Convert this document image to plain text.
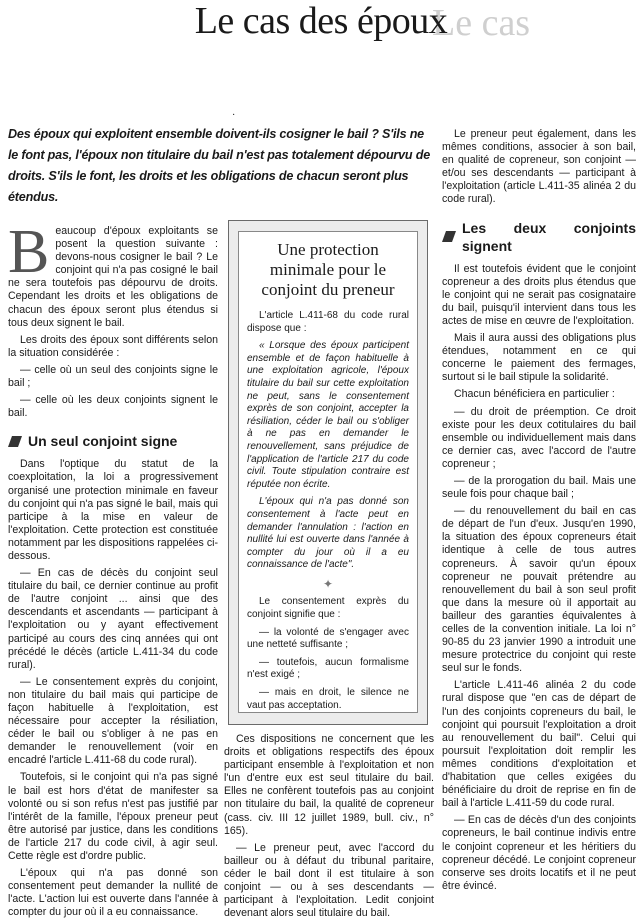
Le cas
Le cas des époux
·
Des époux qui exploitent ensemble doivent-ils cosigner le bail ? S'ils ne le font pas, l'époux non titulaire du bail n'est pas totalement dépourvu de droits. S'ils le font, les droits et les obligations de chacun seront plus étendus.

Beaucoup d'époux exploitants se posent la question suivante : devons-nous cosigner le bail ? Le conjoint qui n'a pas cosigné le bail ne sera toutefois pas dépourvu de droits. Cependant les droits et les obligations de chacun des époux seront plus étendus si tous deux signent le bail.

Les droits des époux sont différents selon la situation considérée :

— celle où un seul des conjoints signe le bail ;

— celle où les deux conjoints signent le bail.

Un seul conjoint signe

Dans l'optique du statut de la coexploitation, la loi a progressivement organisé une protection minimale en faveur du conjoint qui n'a pas signé le bail, mais qui participe à la mise en valeur de l'exploitation. Cette protection est constituée notamment par les dispositions rappelées ci-dessous.

— En cas de décès du conjoint seul titulaire du bail, ce dernier continue au profit de l'autre conjoint ... ainsi que des descendants et ascendants — participant à l'exploitation ou y ayant effectivement participé au cours des cinq années qui ont précédé le décès (article L.411-34 du code rural).

— Le consentement exprès du conjoint, non titulaire du bail mais qui participe de façon habituelle à l'exploitation, est nécessaire pour accepter la résiliation, céder le bail ou s'obliger à ne pas en demander le renouvellement (voir en encadré l'article L.411-68 du code rural).

Toutefois, si le conjoint qui n'a pas signé le bail est hors d'état de manifester sa volonté ou si son refus n'est pas justifié par l'intérêt de la famille, l'époux preneur peut être autorisé par justice, dans les conditions de l'article 217 du code civil, à agir seul. Cette règle est d'ordre public.

L'époux qui n'a pas donné son consentement peut demander la nullité de l'acte. L'action lui est ouverte dans l'année à compter du jour où il a eu connaissance.

Une protection minimale pour le conjoint du preneur

L'article L.411-68 du code rural dispose que :

« Lorsque des époux participent ensemble et de façon habituelle à une exploitation agricole, l'époux titulaire du bail sur cette exploitation ne peut, sans le consentement exprès de son conjoint, accepter la résiliation, céder le bail ou s'obliger à ne pas en demander le renouvellement, sans préjudice de l'application de l'article 217 du code civil. Toute stipulation contraire est réputée non écrite.

L'époux qui n'a pas donné son consentement à l'acte peut en demander l'annulation : l'action en nullité lui est ouverte dans l'année à compter du jour où il a eu connaissance de l'acte".

✦

Le consentement exprès du conjoint signifie que :

— la volonté de s'engager avec une netteté suffisante ;

— toutefois, aucun formalisme n'est exigé ;

— mais en droit, le silence ne vaut pas acceptation.

Ces dispositions ne concernent que les droits et obligations respectifs des époux participant ensemble à l'exploitation et non l'un d'entre eux est seul titulaire du bail. Elles ne confèrent toutefois pas au conjoint non titulaire du bail, la qualité de copreneur (cass. civ. III 12 juillet 1989, bull. civ., n° 165).

— Le preneur peut, avec l'accord du bailleur ou à défaut du tribunal paritaire, céder le bail dont il est titulaire à son conjoint — ou à ses descendants — participant à l'exploitation. Ledit conjoint devenant alors seul titulaire du bail.

Le preneur peut également, dans les mêmes conditions, associer à son bail, en qualité de copreneur, son conjoint — et/ou ses descendants — participant à l'exploitation (article L.411-35 alinéa 2 du code rural).

Les deux conjoints signent

Il est toutefois évident que le conjoint copreneur a des droits plus étendus que le conjoint qui ne serait pas cosignataire du bail, puisqu'il intervient dans tous les actes de mise en œuvre de l'exploitation.

Mais il aura aussi des obligations plus étendues, notamment en ce qui concerne le paiement des fermages, surtout si le bail stipule la solidarité.

Chacun bénéficiera en particulier :

— du droit de préemption. Ce droit existe pour les deux cotitulaires du bail ensemble ou individuellement mais dans ce dernier cas, avec l'accord de l'autre copreneur ;

— de la prorogation du bail. Mais une seule fois pour chaque bail ;

— du renouvellement du bail en cas de départ de l'un d'eux. Jusqu'en 1990, la situation des époux copreneurs était identique à celle de tous autres copreneurs. À savoir qu'un époux copreneur ne pouvait prétendre au renouvellement du bail à son seul profit que dans la mesure où il apportait au bailleur des garanties équivalentes à celles de la convention initiale. La loi n° 90-85 du 23 janvier 1990 a introduit une mesure protectrice du conjoint qui reste seul sur le fonds.

L'article L.411-46 alinéa 2 du code rural dispose que "en cas de départ de l'un des conjoints copreneurs du bail, le conjoint qui poursuit l'exploitation a droit au renouvellement du bail". Celui qui poursuit l'exploitation doit remplir les mêmes conditions d'exploitation et d'habitation que celles exigées du bénéficiaire du droit de reprise en fin de bail à l'article L.411-59 du code rural.

— En cas de décès d'un des conjoints copreneurs, le bail continue indivis entre le conjoint copreneur et les héritiers du copreneur décédé. Le conjoint copreneur conserve ses droits locatifs et il ne peut être évincé.
